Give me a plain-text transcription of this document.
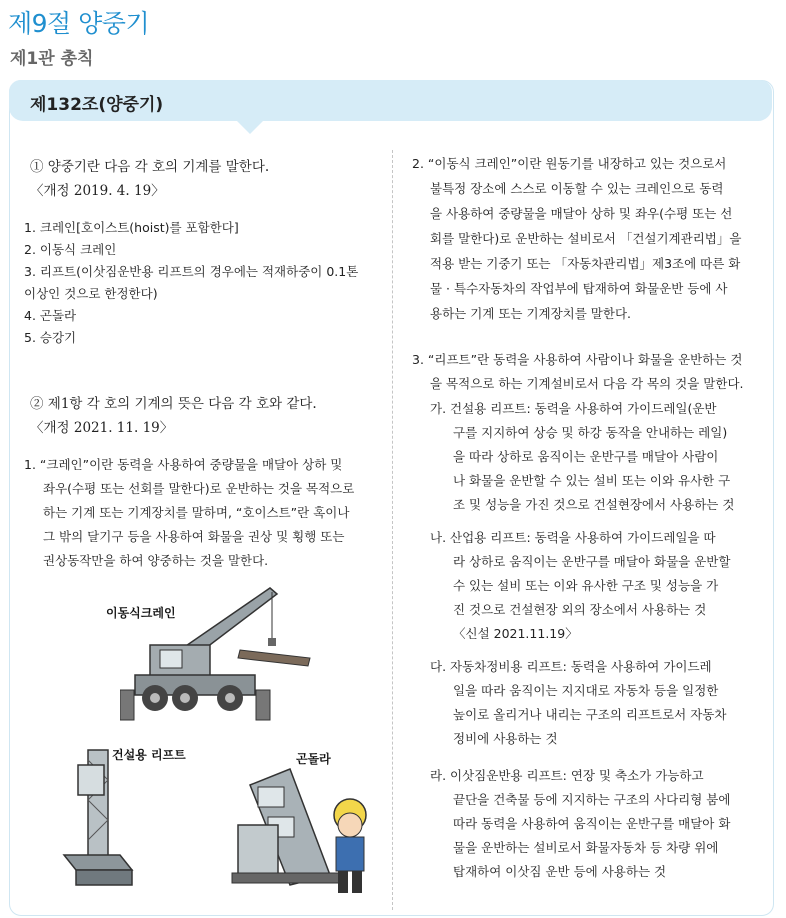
제9절 양중기
제1관 총칙
제132조(양중기)
① 양중기란 다음 각 호의 기계를 말한다.
〈개정 2019. 4. 19〉
1. 크레인[호이스트(hoist)를 포함한다]
2. 이동식 크레인
3. 리프트(이삿짐운반용 리프트의 경우에는 적재하중이 0.1톤
이상인 것으로 한정한다)
4. 곤돌라
5. 승강기
② 제1항 각 호의 기계의 뜻은 다음 각 호와 같다.
〈개정 2021. 11. 19〉
1. “크레인”이란 동력을 사용하여 중량물을 매달아 상하 및
좌우(수평 또는 선회를 말한다)로 운반하는 것을 목적으로
하는 기계 또는 기계장치를 말하며, “호이스트”란 혹이나
그 밖의 달기구 등을 사용하여 화물을 권상 및 횡행 또는
권상동작만을 하여 양중하는 것을 말한다.
이동식크레인
건설용 리프트	곤돌라
2. “이동식 크레인”이란 원동기를 내장하고 있는 것으로서
불특정 장소에 스스로 이동할 수 있는 크레인으로 동력
을 사용하여 중량물을 매달아 상하 및 좌우(수평 또는 선
회를 말한다)로 운반하는 설비로서 「건설기계관리법」을
적용 받는 기중기 또는 「자동차관리법」제3조에 따른 화
물 · 특수자동차의 작업부에 탑재하여 화물운반 등에 사
용하는 기계 또는 기계장치를 말한다.
3. “리프트”란 동력을 사용하여 사람이나 화물을 운반하는 것
을 목적으로 하는 기계설비로서 다음 각 목의 것을 말한다.
가. 건설용 리프트: 동력을 사용하여 가이드레일(운반
구를 지지하여 상승 및 하강 동작을 안내하는 레일)
을 따라 상하로 움직이는 운반구를 매달아 사람이
나 화물을 운반할 수 있는 설비 또는 이와 유사한 구
조 및 성능을 가진 것으로 건설현장에서 사용하는 것
나. 산업용 리프트: 동력을 사용하여 가이드레일을 따
라 상하로 움직이는 운반구를 매달아 화물을 운반할
수 있는 설비 또는 이와 유사한 구조 및 성능을 가
진 것으로 건설현장 외의 장소에서 사용하는 것
〈신설 2021.11.19〉
다. 자동차정비용 리프트: 동력을 사용하여 가이드레
일을 따라 움직이는 지지대로 자동차 등을 일정한
높이로 올리거나 내리는 구조의 리프트로서 자동차
정비에 사용하는 것
라. 이삿짐운반용 리프트: 연장 및 축소가 가능하고
끝단을 건축물 등에 지지하는 구조의 사다리형 붐에
따라 동력을 사용하여 움직이는 운반구를 매달아 화
물을 운반하는 설비로서 화물자동차 등 차량 위에
탑재하여 이삿짐 운반 등에 사용하는 것
